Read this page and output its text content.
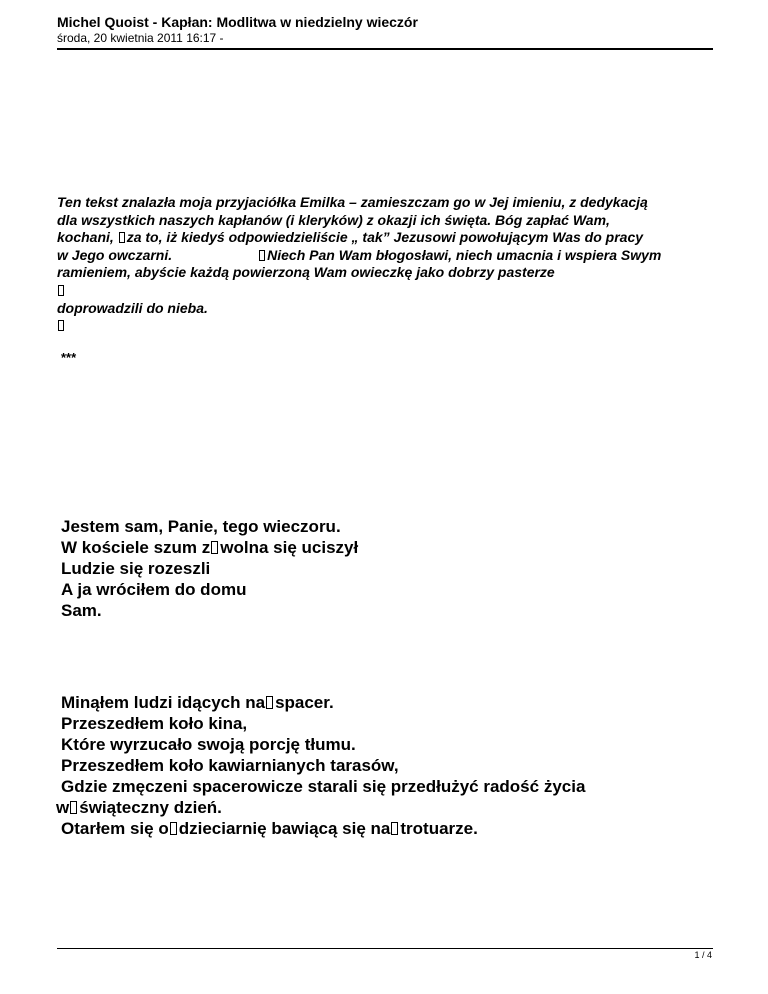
Michel Quoist - Kapłan: Modlitwa w niedzielny wieczór
środa, 20 kwietnia 2011 16:17 -
Ten tekst znalazła moja przyjaciółka Emilka – zamieszczam go w Jej imieniu, z dedykacją
dla wszystkich naszych kapłanów (i kleryków) z okazji ich święta. Bóg zapłać Wam,
kochani, za to, iż kiedyś odpowiedzieliście „ tak” Jezusowi powołującym Was do pracy
w Jego owczarni.	Niech Pan Wam błogosławi, niech umacnia i wspiera Swym
ramieniem, abyście każdą powierzoną Wam owieczkę jako dobrzy pasterze
doprowadzili do nieba.
***
Jestem sam, Panie, tego wieczoru.
W kościele szum z wolna się uciszył
Ludzie się rozeszli
A ja wróciłem do domu
Sam.
Minąłem ludzi idących na spacer.
Przeszedłem koło kina,
Które wyrzucało swoją porcję tłumu.
Przeszedłem koło kawiarnianych tarasów,
Gdzie zmęczeni spacerowicze starali się przedłużyć radość życia
w świąteczny dzień.
Otarłem się o dzieciarnię bawiącą się na trotuarze.
1 / 4
